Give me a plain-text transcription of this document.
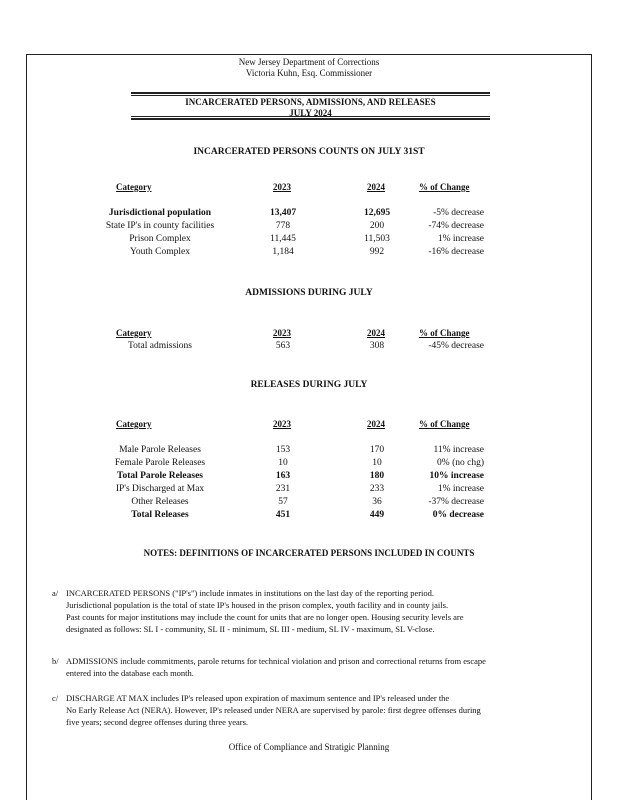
New Jersey Department of Corrections
Victoria Kuhn, Esq. Commissioner
INCARCERATED PERSONS, ADMISSIONS, AND RELEASES
JULY 2024
INCARCERATED PERSONS COUNTS ON JULY 31ST
Category	2023	2024	% of Change
Jurisdictional population	13,407	12,695	-5% decrease
State IP's in county facilities	778	200	-74% decrease
Prison Complex	11,445	11,503	1% increase
Youth Complex	1,184	992	-16% decrease
ADMISSIONS DURING JULY
Category	2023	2024	% of Change
Total admissions	563	308	-45% decrease
RELEASES DURING JULY
Category	2023	2024	% of Change
Male Parole Releases	153	170	11% increase
Female Parole Releases	10	10	0% (no chg)
Total Parole Releases	163	180	10% increase
IP's Discharged at Max	231	233	1% increase
Other Releases	57	36	-37% decrease
Total Releases	451	449	0% decrease
NOTES: DEFINITIONS OF INCARCERATED PERSONS INCLUDED IN COUNTS
a/ INCARCERATED PERSONS ("IP's") include inmates in institutions on the last day of the reporting period.
Jurisdictional population is the total of state IP's housed in the prison complex, youth facility and in county jails.
Past counts for major institutions may include the count for units that are no longer open. Housing security levels are
designated as follows: SL I - community, SL II - minimum, SL III - medium, SL IV - maximum, SL V-close.
b/ ADMISSIONS include commitments, parole returns for technical violation and prison and correctional returns from escape
entered into the database each month.
c/ DISCHARGE AT MAX includes IP's released upon expiration of maximum sentence and IP's released under the
No Early Release Act (NERA). However, IP's released under NERA are supervised by parole: first degree offenses during
five years; second degree offenses during three years.
Office of Compliance and Stratigic Planning
